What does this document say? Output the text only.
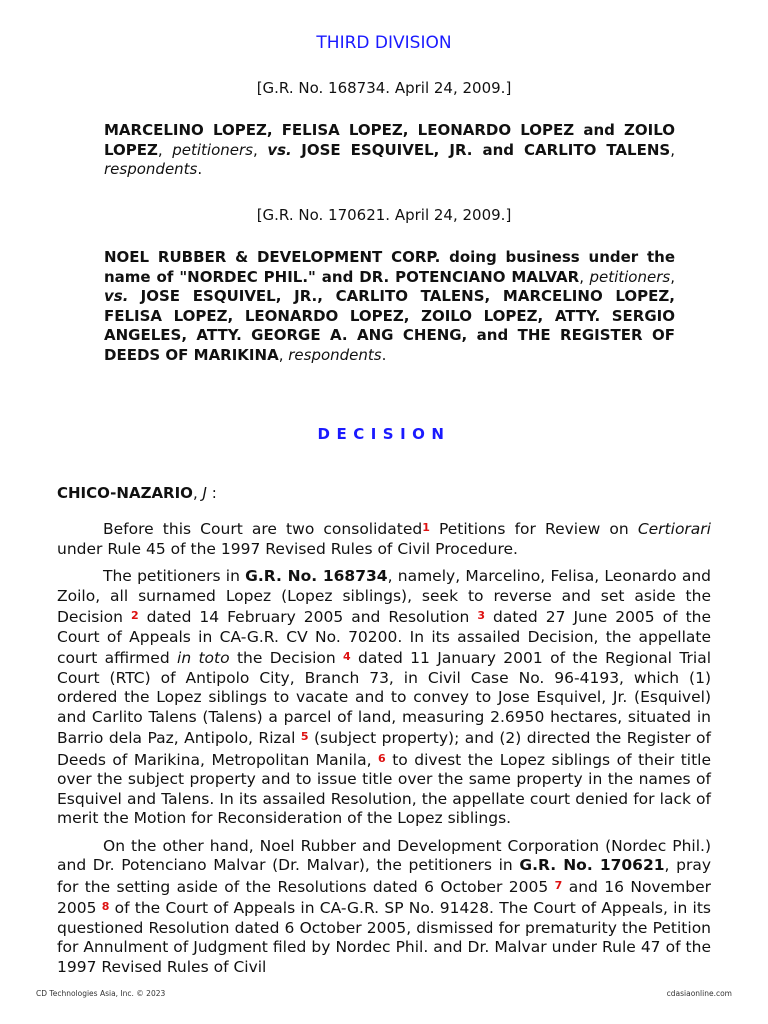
THIRD DIVISION
[G.R. No. 168734. April 24, 2009.]
MARCELINO LOPEZ, FELISA LOPEZ, LEONARDO LOPEZ and ZOILO LOPEZ, petitioners, vs. JOSE ESQUIVEL, JR. and CARLITO TALENS, respondents.
[G.R. No. 170621. April 24, 2009.]
NOEL RUBBER & DEVELOPMENT CORP. doing business under the name of "NORDEC PHIL." and DR. POTENCIANO MALVAR, petitioners, vs. JOSE ESQUIVEL, JR., CARLITO TALENS, MARCELINO LOPEZ, FELISA LOPEZ, LEONARDO LOPEZ, ZOILO LOPEZ, ATTY. SERGIO ANGELES, ATTY. GEORGE A. ANG CHENG, and THE REGISTER OF DEEDS OF MARIKINA, respondents.
DECISION
CHICO-NAZARIO, J :

Before this Court are two consolidated1 Petitions for Review on Certiorari under Rule 45 of the 1997 Revised Rules of Civil Procedure.

The petitioners in G.R. No. 168734, namely, Marcelino, Felisa, Leonardo and Zoilo, all surnamed Lopez (Lopez siblings), seek to reverse and set aside the Decision 2 dated 14 February 2005 and Resolution 3 dated 27 June 2005 of the Court of Appeals in CA-G.R. CV No. 70200. In its assailed Decision, the appellate court affirmed in toto the Decision 4 dated 11 January 2001 of the Regional Trial Court (RTC) of Antipolo City, Branch 73, in Civil Case No. 96-4193, which (1) ordered the Lopez siblings to vacate and to convey to Jose Esquivel, Jr. (Esquivel) and Carlito Talens (Talens) a parcel of land, measuring 2.6950 hectares, situated in Barrio dela Paz, Antipolo, Rizal 5 (subject property); and (2) directed the Register of Deeds of Marikina, Metropolitan Manila, 6 to divest the Lopez siblings of their title over the subject property and to issue title over the same property in the names of Esquivel and Talens. In its assailed Resolution, the appellate court denied for lack of merit the Motion for Reconsideration of the Lopez siblings.

On the other hand, Noel Rubber and Development Corporation (Nordec Phil.) and Dr. Potenciano Malvar (Dr. Malvar), the petitioners in G.R. No. 170621, pray for the setting aside of the Resolutions dated 6 October 2005 7 and 16 November 2005 8 of the Court of Appeals in CA-G.R. SP No. 91428. The Court of Appeals, in its questioned Resolution dated 6 October 2005, dismissed for prematurity the Petition for Annulment of Judgment filed by Nordec Phil. and Dr. Malvar under Rule 47 of the 1997 Revised Rules of Civil

CD Technologies Asia, Inc. © 2023	cdasiaonline.com
